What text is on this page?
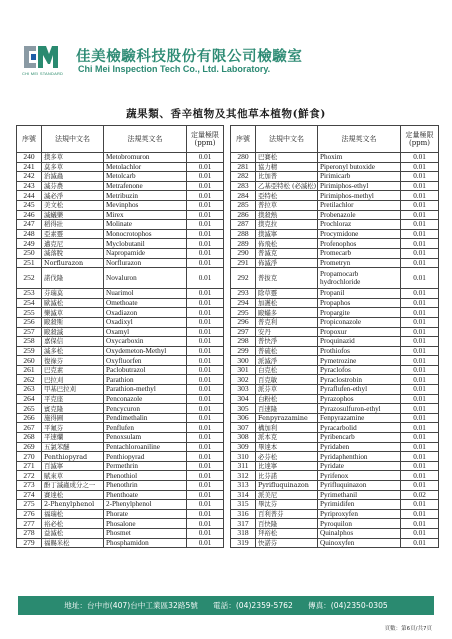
CHI MEI STANDARD
佳美檢驗科技股份有限公司檢驗室
Chi Mei Inspection Tech Co., Ltd. Laboratory.
蔬果類、香辛植物及其他草本植物(鮮食)
序號	法規中文名	法規英文名	定量極限(ppm)
240	撲多草	Metobromuron	0.01
241	莫多草	Metolachlor	0.01
242	治滅蟲	Metolcarb	0.01
243	滅芬農	Metrafenone	0.01
244	滅必淨	Metribuzin	0.01
245	美文松	Mevinphos	0.01
246	滅蟻樂	Mirex	0.01
247	稻得壯	Molinate	0.01
248	亞素靈	Monocrotophos	0.01
249	邁克尼	Myclobutanil	0.01
250	滅落脫	Napropamide	0.01
251	Norflurazon	Norflurazon	0.01
252	諾伐隆	Novaluron	0.01
253	芬瑞莫	Nuarimol	0.01
254	歐滅松	Omethoate	0.01
255	樂滅草	Oxadiazon	0.01
256	毆殺斯	Oxadixyl	0.01
257	毆殺滅	Oxamyl	0.01
258	嘉保信	Oxycarboxin	0.01
259	滅多松	Oxydemeton-Methyl	0.01
260	復祿芬	Oxyfluorfen	0.01
261	巴克素	Paclobutrazol	0.01
262	巴拉刈	Parathion	0.01
263	甲基巴拉刈	Parathion-methyl	0.01
264	平克座	Penconazole	0.01
265	賓克隆	Pencycuron	0.01
266	施得圃	Pendimethalin	0.01
267	平氟芬	Penflufen	0.01
268	平速爛	Penoxsulam	0.01
269	五氯苯醚	Pentachloroaniline	0.01
270	Penthiopyrad	Penthiopyrad	0.01
271	百滅寧	Permethrin	0.01
272	賦來草	Phenothiol	0.01
273	酚丁滅蟲成分之一	Phenothrin	0.01
274	賽達松	Phenthoate	0.01
275	2-Phenylphenol	2-Phenylphenol	0.01
276	福瑞松	Phorate	0.01
277	裕必松	Phosalone	0.01
278	益滅松	Phosmet	0.01
279	福賜米松	Phosphamidon	0.01
序號	法規中文名	法規英文名	定量極限(ppm)
280	巴賽松	Phoxim	0.01
281	協力精	Piperonyl butoxide	0.01
282	比加普	Pirimicarb	0.01
283	乙基亞特松 (必滅松)	Pirimiphos-ethyl	0.01
284	亞特松	Pirimiphos-methyl	0.01
285	普拉草	Pretilachlor	0.01
286	撲殺熱	Probenazole	0.01
287	撲克拉	Prochloraz	0.01
288	撲滅寧	Procymidone	0.01
289	佈飛松	Profenophos	0.01
290	普滅克	Promecarb	0.01
291	佈滅淨	Prometryn	0.01
292	普拔克	Propamocarb hydrochloride	0.01
293	除草靈	Propanil	0.01
294	加護松	Propaphos	0.01
295	毆蟎多	Propargite	0.01
296	普克利	Propiconazole	0.01
297	安丹	Propoxur	0.01
298	普快淨	Proquinazid	0.01
299	普硫松	Prothiofos	0.01
300	派滅淨	Pymetrozine	0.01
301	白克松	Pyraclofos	0.01
302	百克敏	Pyraclostrobin	0.01
303	派芬草	Pyraflufen-ethyl	0.01
304	白粉松	Pyrazophos	0.01
305	百速隆	Pyrazosulfuron-ethyl	0.01
306	Fenpyrazamine	Fenpyrazamine	0.01
307	構加利	Pyracarbolid	0.01
308	派本克	Pyribencarb	0.01
309	畢達本	Pyridaben	0.01
310	必芬松	Pyridaphenthion	0.01
311	比達寧	Pyridate	0.01
312	比芬諾	Pyrifenox	0.01
313	Pyrifluquinazon	Pyrifluquinazon	0.01
314	派美尼	Pyrimethanil	0.02
315	畢汰芬	Pyrimidifen	0.01
316	百利普芬	Pyriproxyfen	0.01
317	百快隆	Pyroquilon	0.01
318	拜裕松	Quinalphos	0.01
319	快諾芬	Quinoxyfen	0.01
地址：台中市(407)台中工業區32路5號　　電話：(04)2359-5762　　傳真：(04)2350-0305
頁數：第6頁/共7頁
